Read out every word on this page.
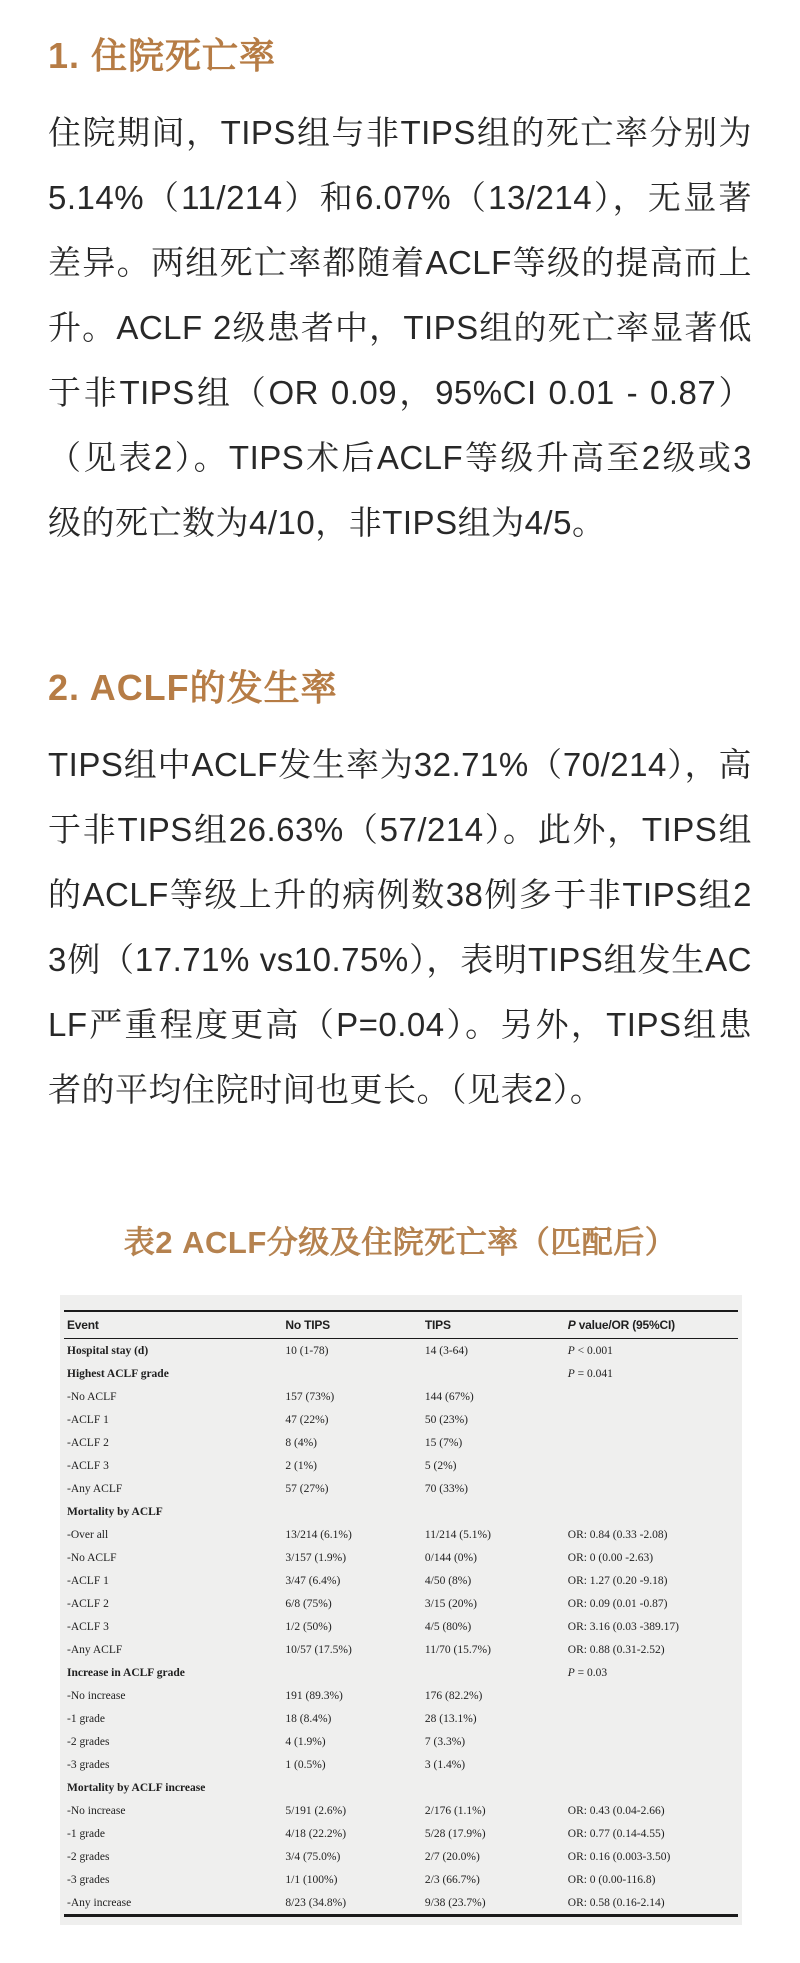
1. 住院死亡率

住院期间，TIPS组与非TIPS组的死亡率分别为5.14%（11/214）和6.07%（13/214），无显著差异。两组死亡率都随着ACLF等级的提高而上升。ACLF 2级患者中，TIPS组的死亡率显著低于非TIPS组（OR 0.09，95%CI 0.01 - 0.87）（见表2）。TIPS术后ACLF等级升高至2级或3级的死亡数为4/10，非TIPS组为4/5。

2. ACLF的发生率

TIPS组中ACLF发生率为32.71%（70/214），高于非TIPS组26.63%（57/214）。此外，TIPS组的ACLF等级上升的病例数38例多于非TIPS组23例（17.71% vs10.75%），表明TIPS组发生ACLF严重程度更高（P=0.04）。另外，TIPS组患者的平均住院时间也更长。（见表2）。

表2 ACLF分级及住院死亡率（匹配后）
Event	No TIPS	TIPS	P value/OR (95%CI)
Hospital stay (d)	10 (1-78)	14 (3-64)	P < 0.001
Highest ACLF grade			P = 0.041
-No ACLF	157 (73%)	144 (67%)	
-ACLF 1	47 (22%)	50 (23%)	
-ACLF 2	8 (4%)	15 (7%)	
-ACLF 3	2 (1%)	5 (2%)	
-Any ACLF	57 (27%)	70 (33%)	
Mortality by ACLF			
-Over all	13/214 (6.1%)	11/214 (5.1%)	OR: 0.84 (0.33 -2.08)
-No ACLF	3/157 (1.9%)	0/144 (0%)	OR: 0 (0.00 -2.63)
-ACLF 1	3/47 (6.4%)	4/50 (8%)	OR: 1.27 (0.20 -9.18)
-ACLF 2	6/8 (75%)	3/15 (20%)	OR: 0.09 (0.01 -0.87)
-ACLF 3	1/2 (50%)	4/5 (80%)	OR: 3.16 (0.03 -389.17)
-Any ACLF	10/57 (17.5%)	11/70 (15.7%)	OR: 0.88 (0.31-2.52)
Increase in ACLF grade			P = 0.03
-No increase	191 (89.3%)	176 (82.2%)	
-1 grade	18 (8.4%)	28 (13.1%)	
-2 grades	4 (1.9%)	7 (3.3%)	
-3 grades	1 (0.5%)	3 (1.4%)	
Mortality by ACLF increase			
-No increase	5/191 (2.6%)	2/176 (1.1%)	OR: 0.43 (0.04-2.66)
-1 grade	4/18 (22.2%)	5/28 (17.9%)	OR: 0.77 (0.14-4.55)
-2 grades	3/4 (75.0%)	2/7 (20.0%)	OR: 0.16 (0.003-3.50)
-3 grades	1/1 (100%)	2/3 (66.7%)	OR: 0 (0.00-116.8)
-Any increase	8/23 (34.8%)	9/38 (23.7%)	OR: 0.58 (0.16-2.14)
